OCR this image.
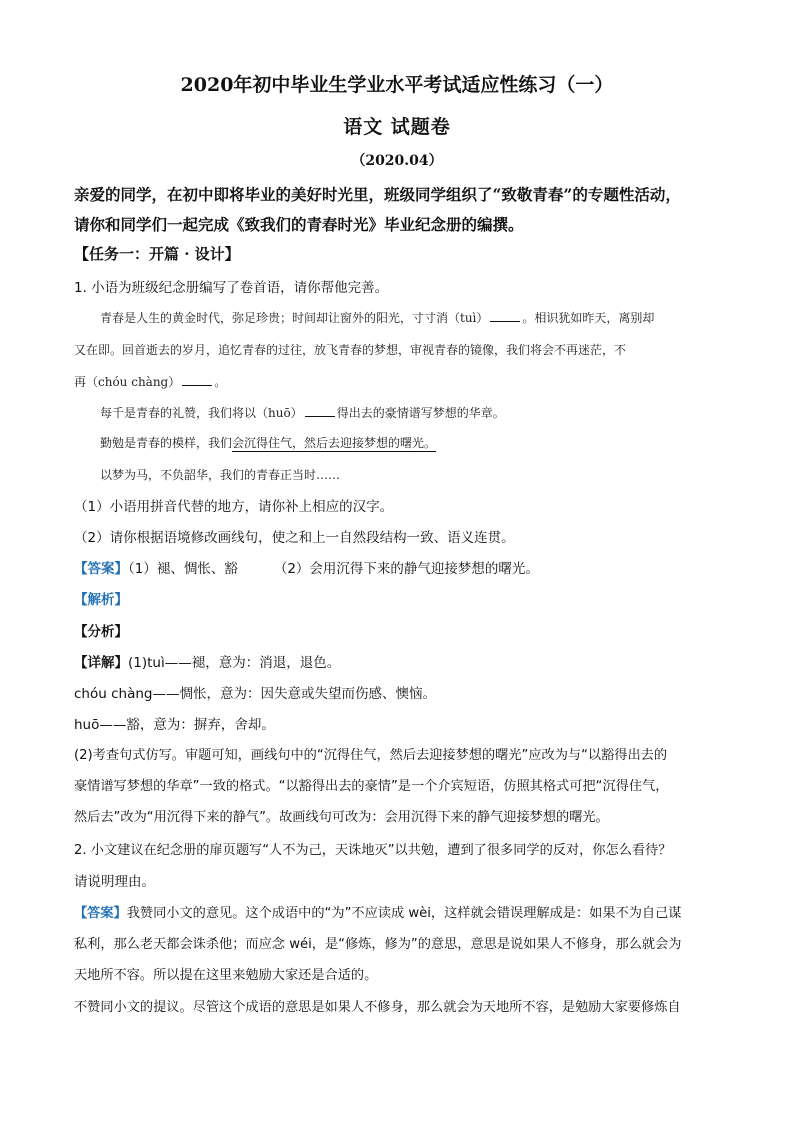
2020年初中毕业生学业水平考试适应性练习（一）
语文 试题卷
（2020.04）
亲爱的同学，在初中即将毕业的美好时光里，班级同学组织了“致敬青春”的专题性活动，
请你和同学们一起完成《致我们的青春时光》毕业纪念册的编撰。
【任务一：开篇 · 设计】
1. 小语为班级纪念册编写了卷首语，请你帮他完善。
青春是人生的黄金时代，弥足珍贵；时间却让窗外的阳光，寸寸消（tuì）	。相识犹如昨天，离别却
又在即。回首逝去的岁月，追忆青春的过往，放飞青春的梦想，审视青春的镜像，我们将会不再迷茫，不
再（chóu chàng）	。
每千是青春的礼赞，我们将以（huō）	得出去的豪情谱写梦想的华章。
勤勉是青春的模样，我们会沉得住气，然后去迎接梦想的曙光。
以梦为马，不负韶华，我们的青春正当时……
（1）小语用拼音代替的地方，请你补上相应的汉字。
（2）请你根据语境修改画线句，使之和上一自然段结构一致、语义连贯。
【答案】（1）褪、惆怅、豁	（2）会用沉得下来的静气迎接梦想的曙光。
【解析】
【分析】
【详解】(1)tuì——褪，意为：消退，退色。
chóu chàng——惆怅，意为：因失意或失望而伤感、懊恼。
huō——豁，意为：摒弃，舍却。
(2)考查句式仿写。审题可知，画线句中的“沉得住气，然后去迎接梦想的曙光”应改为与“以豁得出去的
豪情谱写梦想的华章”一致的格式。“以豁得出去的豪情”是一个介宾短语，仿照其格式可把“沉得住气，
然后去”改为“用沉得下来的静气”。故画线句可改为：会用沉得下来的静气迎接梦想的曙光。
2. 小文建议在纪念册的扉页题写“人不为己，天诛地灭”以共勉，遭到了很多同学的反对，你怎么看待？
请说明理由。
【答案】我赞同小文的意见。这个成语中的“为”不应读成 wèi，这样就会错误理解成是：如果不为自己谋
私利，那么老天都会诛杀他；而应念 wéi，是“修炼，修为”的意思，意思是说如果人不修身，那么就会为
天地所不容。所以提在这里来勉励大家还是合适的。
不赞同小文的提议。尽管这个成语的意思是如果人不修身，那么就会为天地所不容，是勉励大家要修炼自
